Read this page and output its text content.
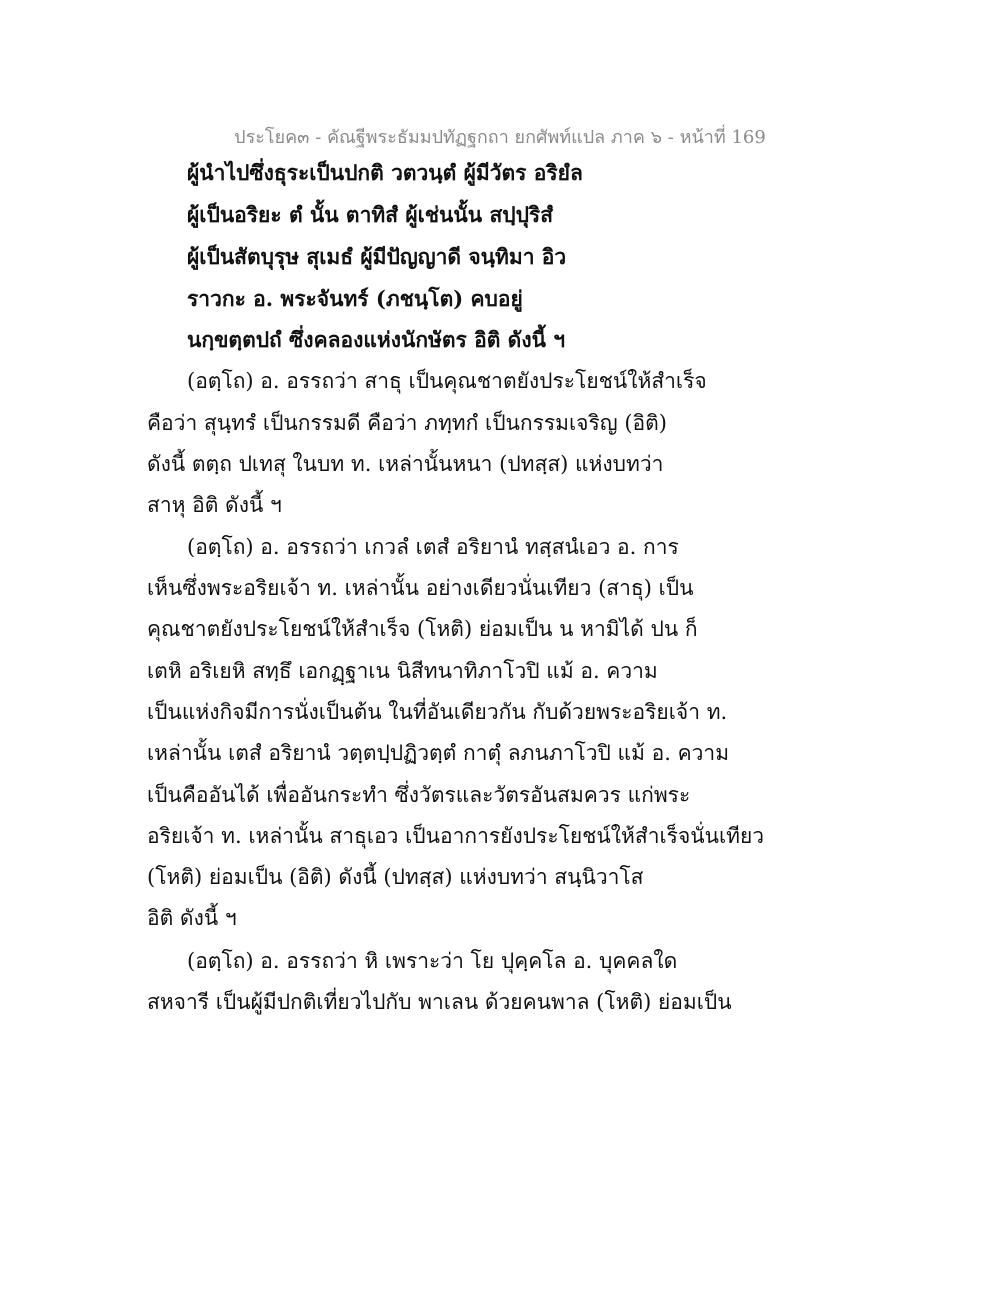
ประโยค๓ - คัณฐีพระธัมมปทัฏฐกถา ยกศัพท์แปล ภาค ๖ - หน้าที่ 169
ผู้นำไปซึ่งธุระเป็นปกติ วตวนฺตํ ผู้มีวัตร อริยํล
ผู้เป็นอริยะ ตํ นั้น ตาทิสํ ผู้เช่นนั้น สปฺปุริสํ
ผู้เป็นสัตบุรุษ สุเมธํ ผู้มีปัญญาดี จนฺทิมา อิว
ราวกะ อ. พระจันทร์ (ภชนฺโต) คบอยู่
นกฺขตฺตปถํ ซึ่งคลองแห่งนักษัตร อิติ ดังนี้ ฯ
(อตฺโถ) อ. อรรถว่า สาธุ เป็นคุณชาตยังประโยชน์ให้สำเร็จ
คือว่า สุนฺทรํ เป็นกรรมดี คือว่า ภทฺทกํ เป็นกรรมเจริญ (อิติ)
ดังนี้ ตตฺถ ปเทสุ ในบท ท. เหล่านั้นหนา (ปทสฺส) แห่งบทว่า
สาหุ อิติ ดังนี้ ฯ
(อตฺโถ) อ. อรรถว่า เกวลํ เตสํ อริยานํ ทสฺสนํเอว อ. การ
เห็นซึ่งพระอริยเจ้า ท. เหล่านั้น อย่างเดียวนั่นเทียว (สาธุ) เป็น
คุณชาตยังประโยชน์ให้สำเร็จ (โหติ) ย่อมเป็น น หามิได้ ปน ก็
เตหิ อริเยหิ สทฺธึ เอกฏฺฐาเน นิสีทนาทิภาโวปิ แม้ อ. ความ
เป็นแห่งกิจมีการนั่งเป็นต้น ในที่อันเดียวกัน กับด้วยพระอริยเจ้า ท.
เหล่านั้น เตสํ อริยานํ วตฺตปฺปฏิวตฺตํ กาตุํ ลภนภาโวปิ แม้ อ. ความ
เป็นคืออันได้ เพื่ออันกระทำ ซึ่งวัตรและวัตรอันสมควร แก่พระ
อริยเจ้า ท. เหล่านั้น สาธุเอว เป็นอาการยังประโยชน์ให้สำเร็จนั่นเทียว
(โหติ) ย่อมเป็น (อิติ) ดังนี้ (ปทสฺส) แห่งบทว่า สนฺนิวาโส
อิติ ดังนี้ ฯ
(อตฺโถ) อ. อรรถว่า หิ เพราะว่า โย ปุคฺคโล อ. บุคคลใด
สหจารี เป็นผู้มีปกติเที่ยวไปกับ พาเลน ด้วยคนพาล (โหติ) ย่อมเป็น
